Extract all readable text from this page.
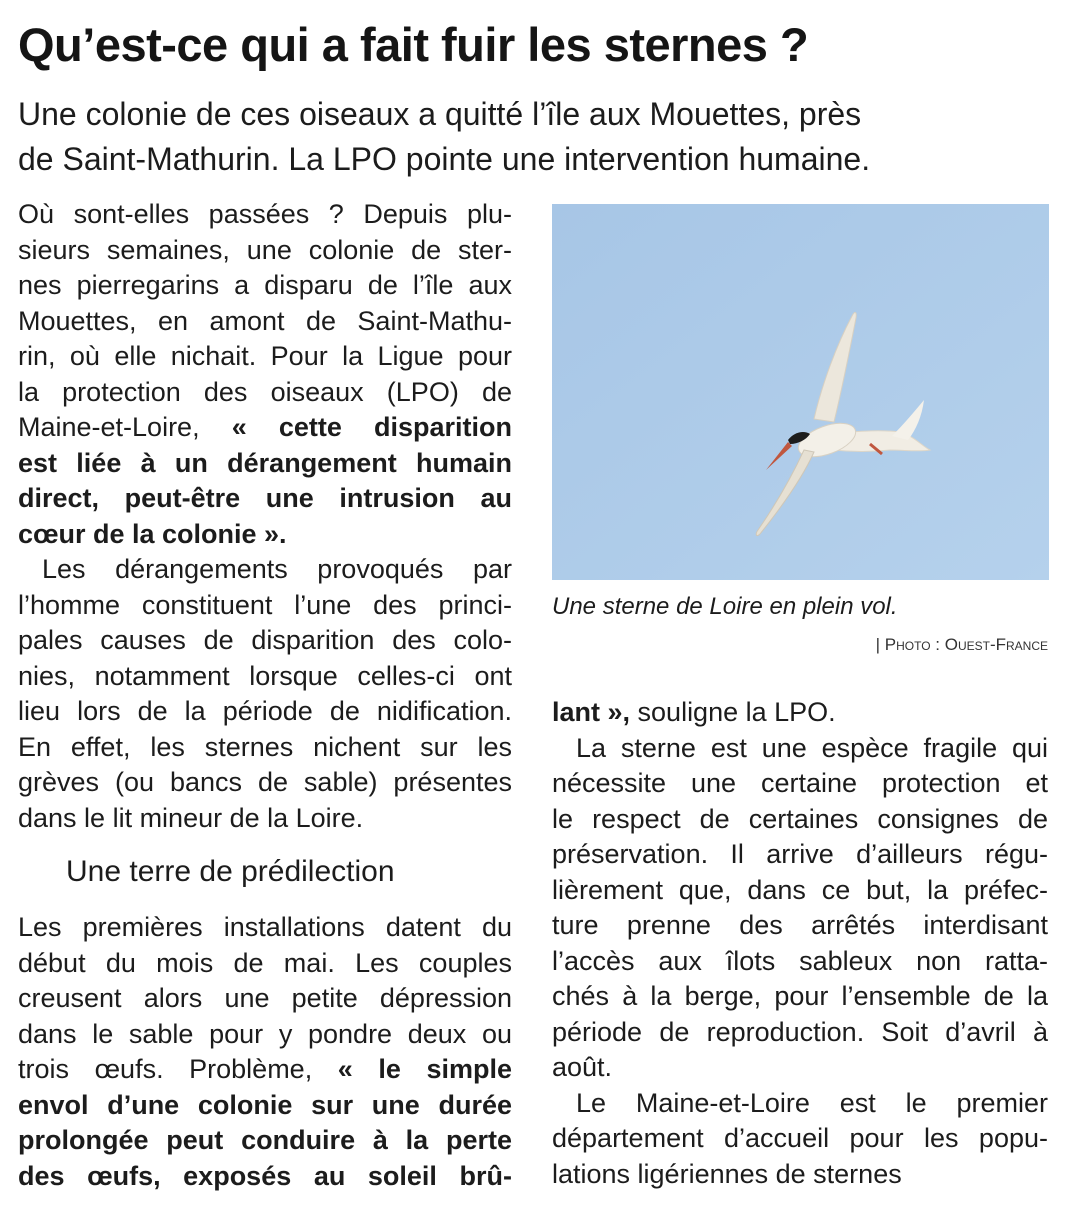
Qu’est-ce qui a fait fuir les sternes ?
Une colonie de ces oiseaux a quitté l’île aux Mouettes, près
de Saint-Mathurin. La LPO pointe une intervention humaine.
Où sont-elles passées ? Depuis plu-
sieurs semaines, une colonie de ster-
nes pierregarins a disparu de l’île aux
Mouettes, en amont de Saint-Mathu-
rin, où elle nichait. Pour la Ligue pour
la protection des oiseaux (LPO) de
Maine-et-Loire, « cette disparition
est liée à un dérangement humain
direct, peut-être une intrusion au
cœur de la colonie ».
Les dérangements provoqués par
l’homme constituent l’une des princi-
pales causes de disparition des colo-
nies, notamment lorsque celles-ci ont
lieu lors de la période de nidification.
En effet, les sternes nichent sur les
grèves (ou bancs de sable) présentes
dans le lit mineur de la Loire.
Une terre de prédilection
Les premières installations datent du
début du mois de mai. Les couples
creusent alors une petite dépression
dans le sable pour y pondre deux ou
trois œufs. Problème, « le simple
envol d’une colonie sur une durée
prolongée peut conduire à la perte
des œufs, exposés au soleil brû-
Une sterne de Loire en plein vol.
| Photo : Ouest-France
lant », souligne la LPO.
La sterne est une espèce fragile qui
nécessite une certaine protection et
le respect de certaines consignes de
préservation. Il arrive d’ailleurs régu-
lièrement que, dans ce but, la préfec-
ture prenne des arrêtés interdisant
l’accès aux îlots sableux non ratta-
chés à la berge, pour l’ensemble de la
période de reproduction. Soit d’avril à
août.
Le Maine-et-Loire est le premier
département d’accueil pour les popu-
lations ligériennes de sternes
